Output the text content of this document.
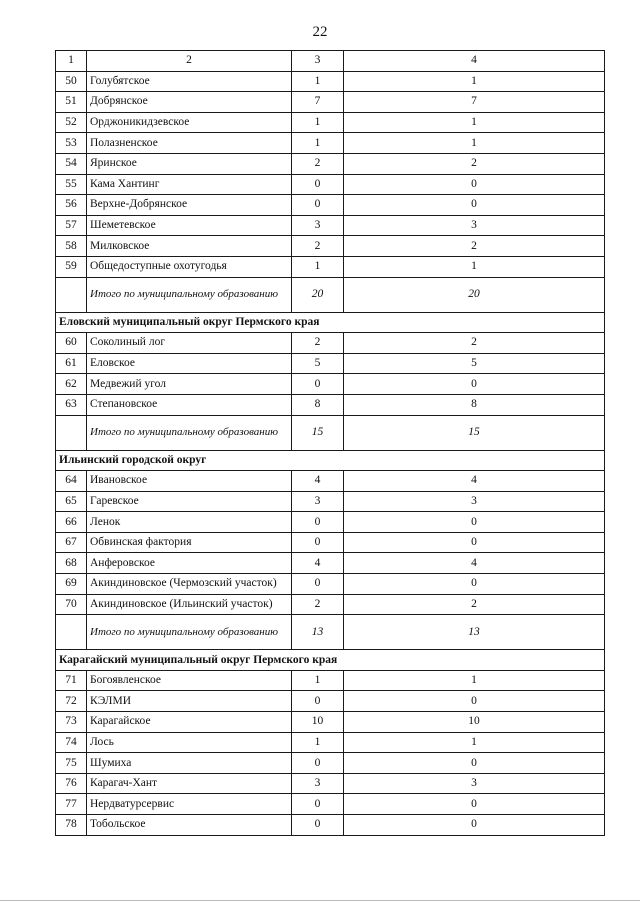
22
1	2	3	4
50	Голубятское	1	1
51	Добрянское	7	7
52	Орджоникидзевское	1	1
53	Полазненское	1	1
54	Яринское	2	2
55	Кама Хантинг	0	0
56	Верхне-Добрянское	0	0
57	Шеметевское	3	3
58	Милковское	2	2
59	Общедоступные охотугодья	1	1
	Итого по муниципальному образованию	20	20
Еловский муниципальный округ Пермского края			
60	Соколиный лог	2	2
61	Еловское	5	5
62	Медвежий угол	0	0
63	Степановское	8	8
	Итого по муниципальному образованию	15	15
Ильинский городской округ			
64	Ивановское	4	4
65	Гаревское	3	3
66	Ленок	0	0
67	Обвинская фактория	0	0
68	Анферовское	4	4
69	Акиндиновское (Чермозский участок)	0	0
70	Акиндиновское (Ильинский участок)	2	2
	Итого по муниципальному образованию	13	13
Карагайский муниципальный округ Пермского края			
71	Богоявленское	1	1
72	КЭЛМИ	0	0
73	Карагайское	10	10
74	Лось	1	1
75	Шумиха	0	0
76	Карагач-Хант	3	3
77	Нердватурсервис	0	0
78	Тобольское	0	0
